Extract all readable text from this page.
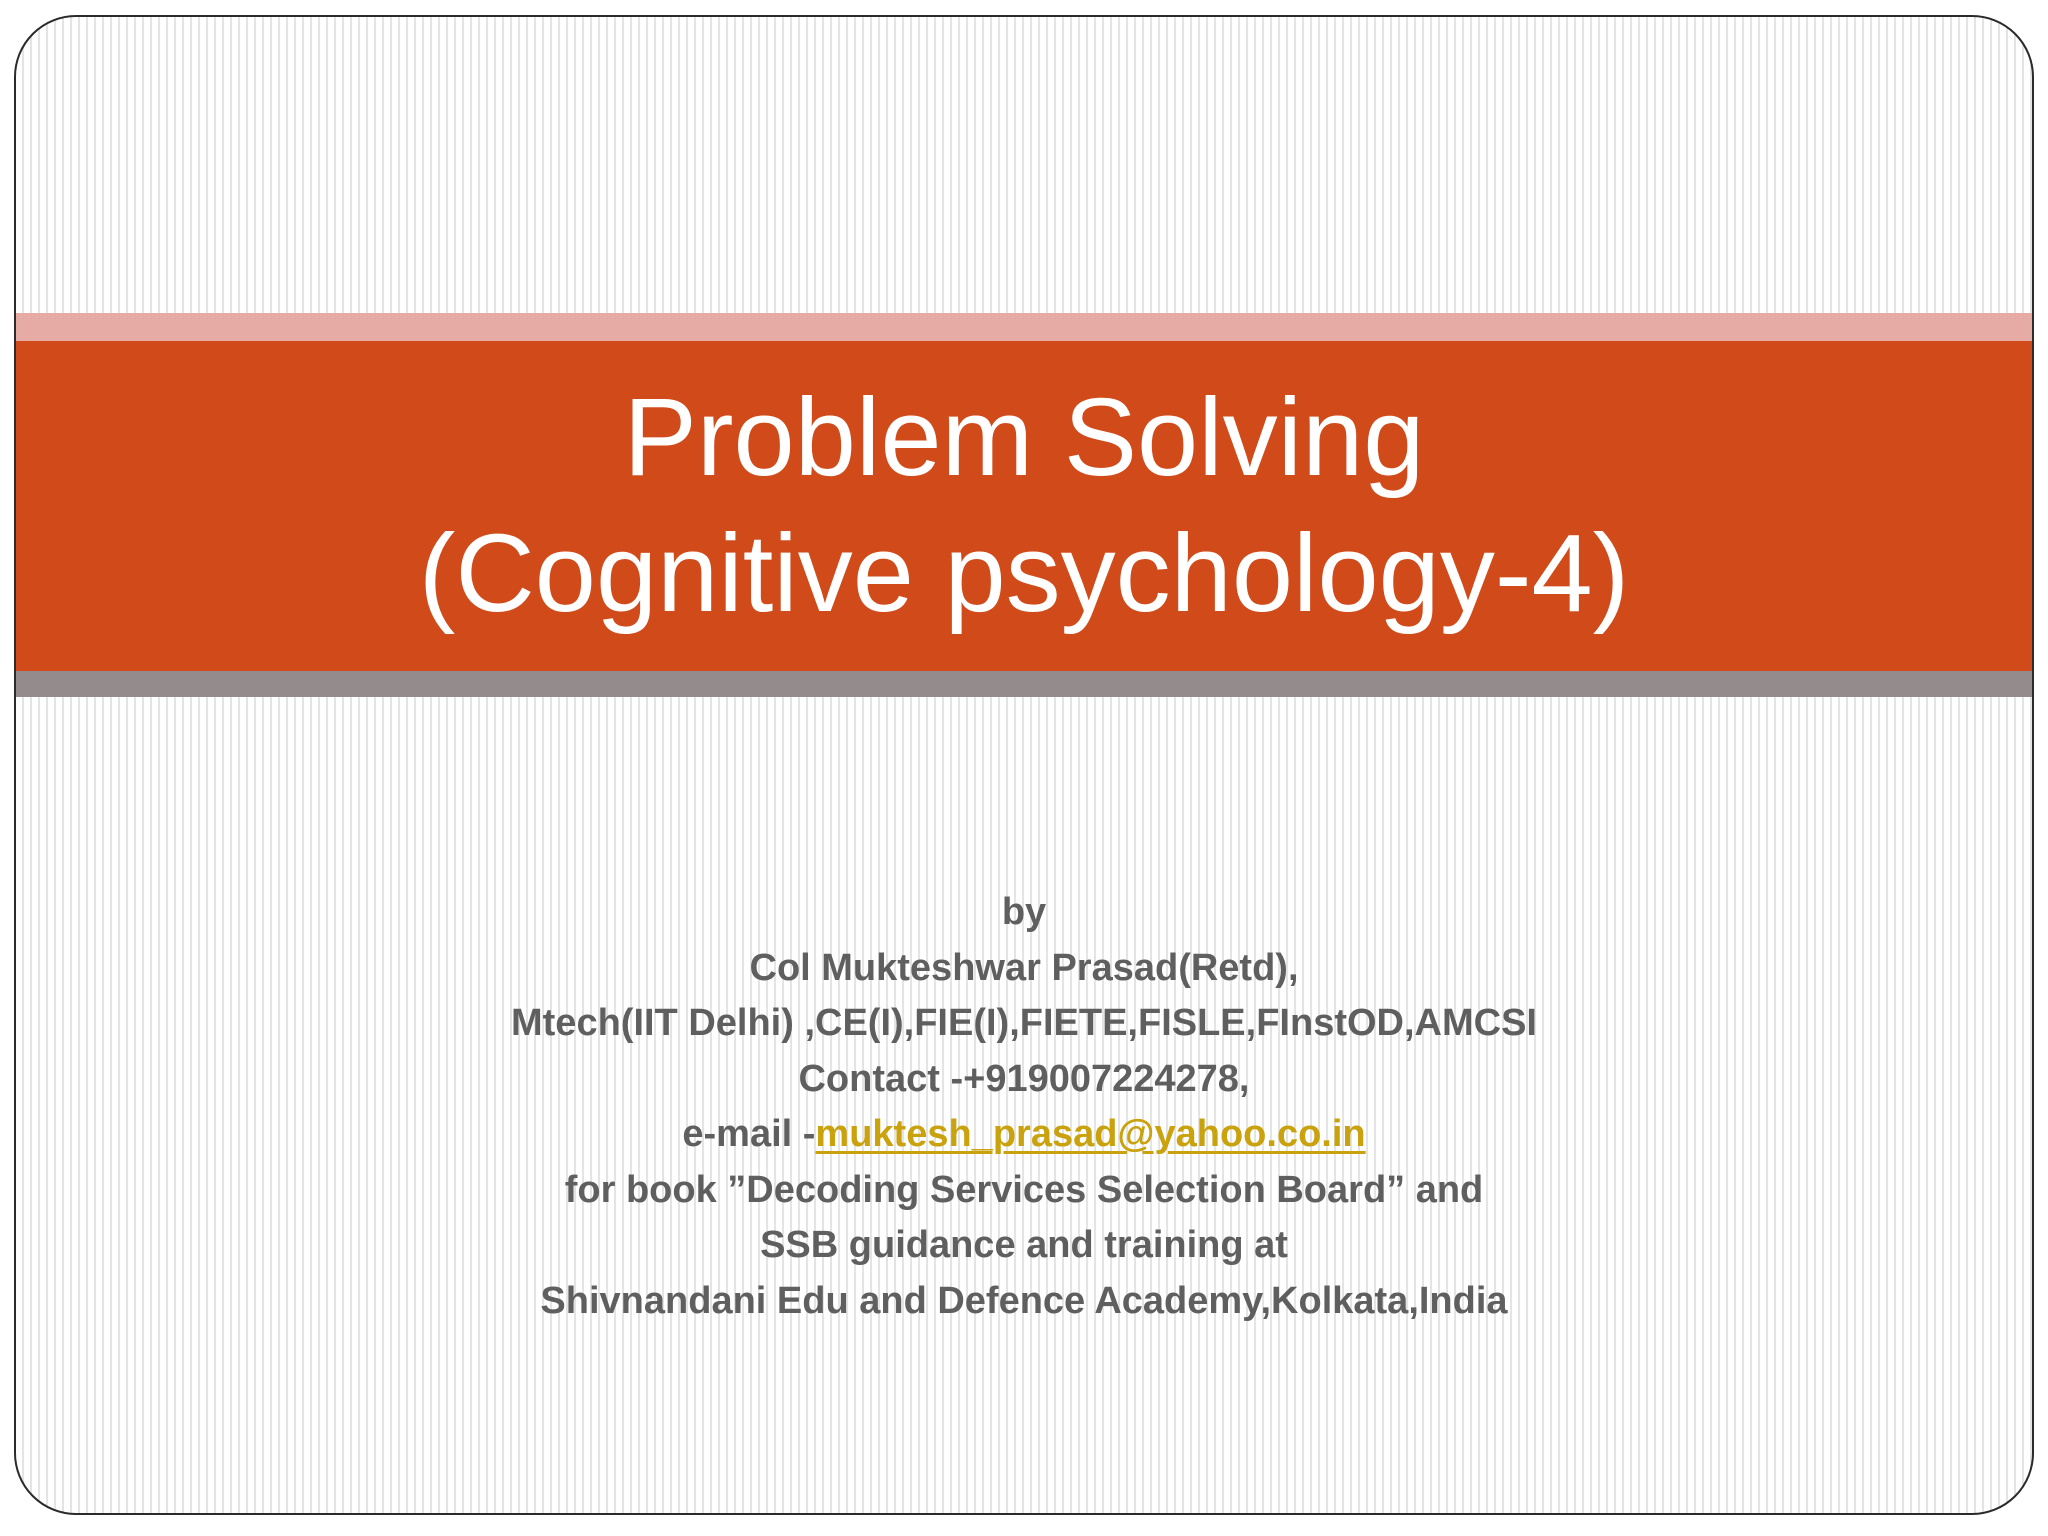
Problem Solving
(Cognitive psychology-4)
by
Col Mukteshwar Prasad(Retd),
Mtech(IIT Delhi) ,CE(I),FIE(I),FIETE,FISLE,FInstOD,AMCSI
Contact -+919007224278,
e-mail -muktesh_prasad@yahoo.co.in
for book ”Decoding Services Selection Board” and
SSB guidance and training at
Shivnandani Edu and Defence Academy,Kolkata,India
